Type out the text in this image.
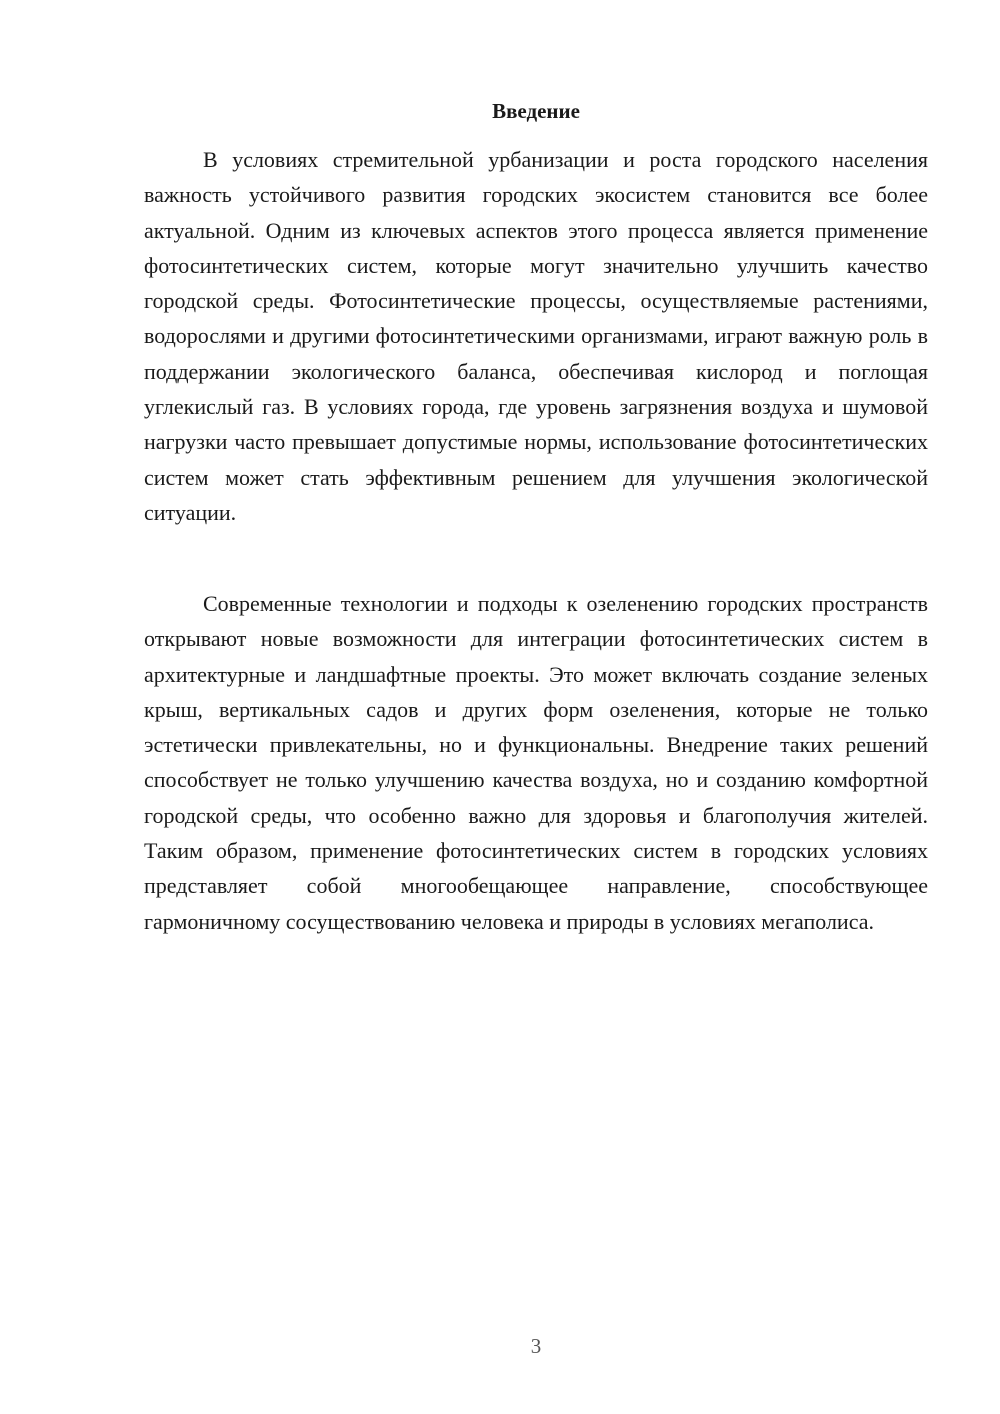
Введение

В условиях стремительной урбанизации и роста городского населения важность устойчивого развития городских экосистем становится все более актуальной. Одним из ключевых аспектов этого процесса является применение фотосинтетических систем, которые могут значительно улучшить качество городской среды. Фотосинтетические процессы, осуществляемые растениями, водорослями и другими фотосинтетическими организмами, играют важную роль в поддержании экологического баланса, обеспечивая кислород и поглощая углекислый газ. В условиях города, где уровень загрязнения воздуха и шумовой нагрузки часто превышает допустимые нормы, использование фотосинтетических систем может стать эффективным решением для улучшения экологической ситуации.

Современные технологии и подходы к озеленению городских пространств открывают новые возможности для интеграции фотосинтетических систем в архитектурные и ландшафтные проекты. Это может включать создание зеленых крыш, вертикальных садов и других форм озеленения, которые не только эстетически привлекательны, но и функциональны. Внедрение таких решений способствует не только улучшению качества воздуха, но и созданию комфортной городской среды, что особенно важно для здоровья и благополучия жителей. Таким образом, применение фотосинтетических систем в городских условиях представляет собой многообещающее направление, способствующее гармоничному сосуществованию человека и природы в условиях мегаполиса.

3
